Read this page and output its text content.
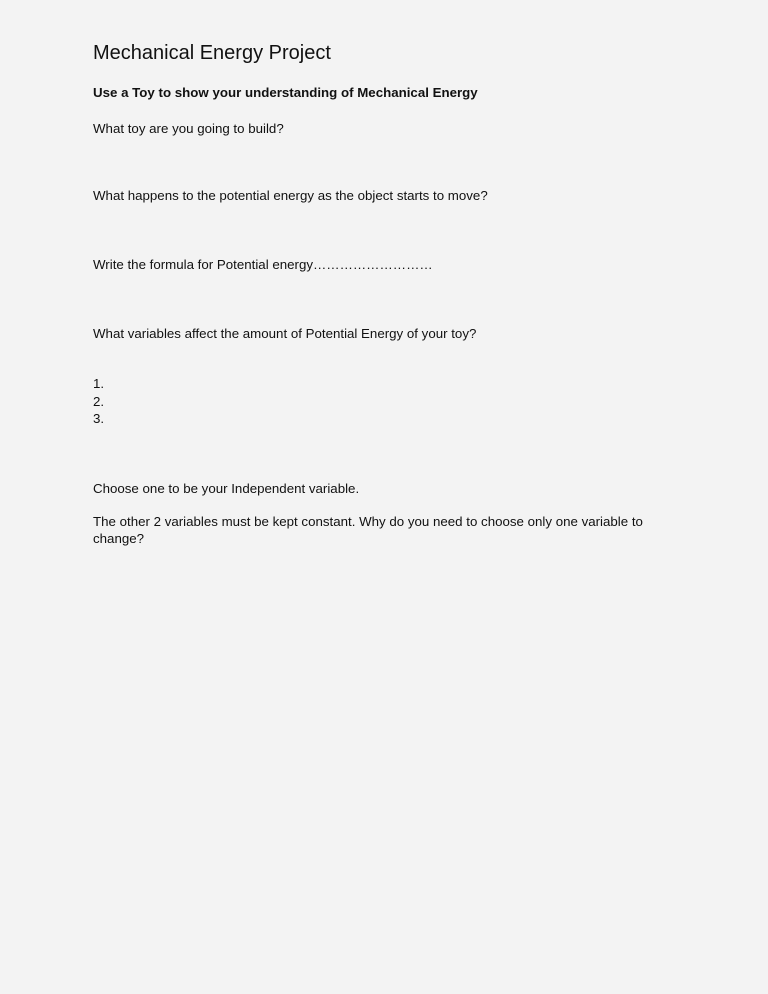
Mechanical Energy Project
Use a Toy to show your understanding of Mechanical Energy
What toy are you going to build?
What happens to the potential energy as the object starts to move?
Write the formula for Potential energy………………………
What variables affect the amount of Potential Energy of your toy?
1.
2.
3.
Choose one to be your Independent variable.
The other 2 variables must be kept constant. Why do you need to choose only one variable to change?
